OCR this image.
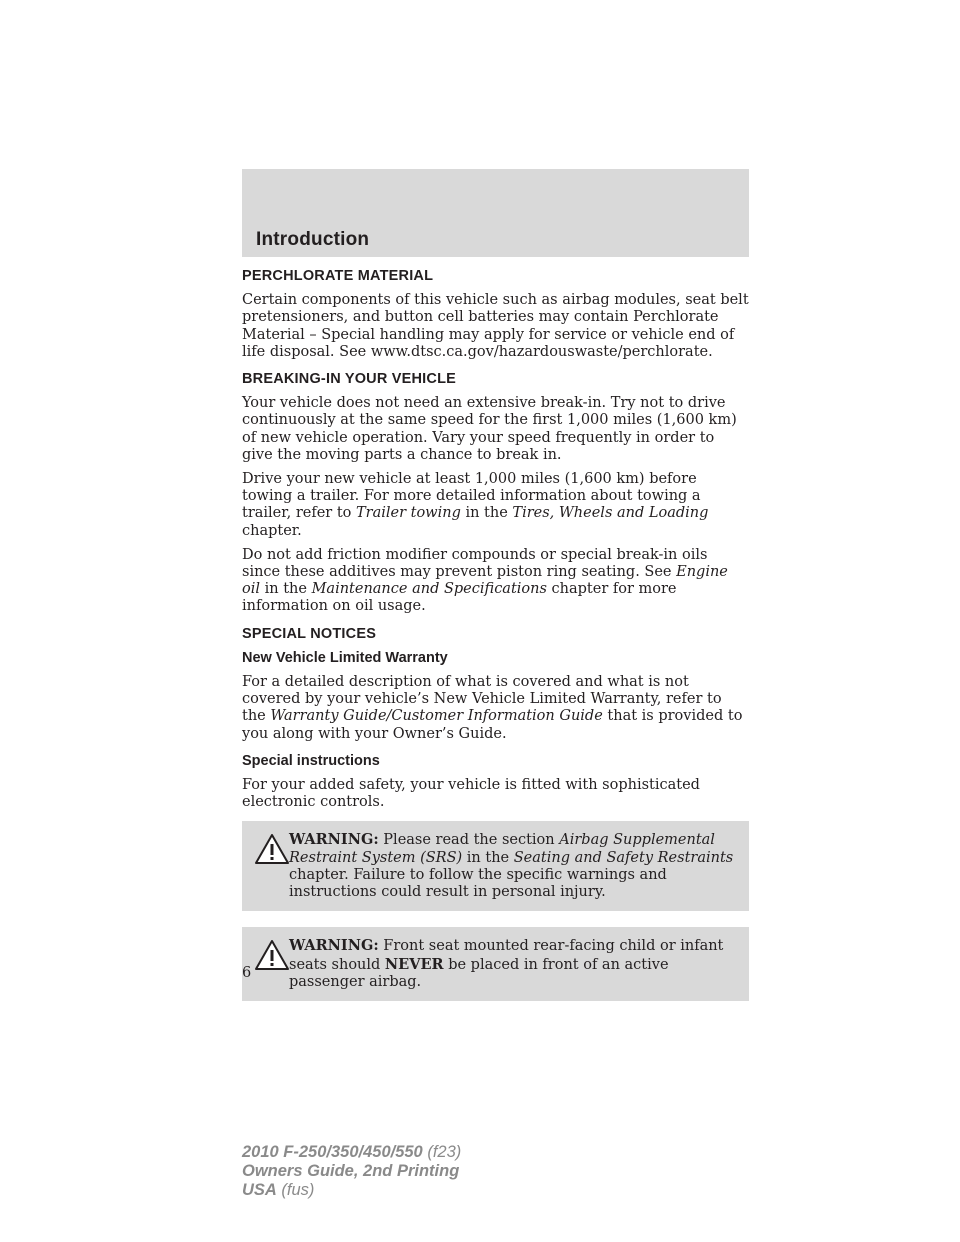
Introduction
PERCHLORATE MATERIAL

Certain components of this vehicle such as airbag modules, seat belt pretensioners, and button cell batteries may contain Perchlorate Material – Special handling may apply for service or vehicle end of life disposal. See www.dtsc.ca.gov/hazardouswaste/perchlorate.

BREAKING-IN YOUR VEHICLE

Your vehicle does not need an extensive break-in. Try not to drive continuously at the same speed for the first 1,000 miles (1,600 km) of new vehicle operation. Vary your speed frequently in order to give the moving parts a chance to break in.

Drive your new vehicle at least 1,000 miles (1,600 km) before towing a trailer. For more detailed information about towing a trailer, refer to Trailer towing in the Tires, Wheels and Loading chapter.

Do not add friction modifier compounds or special break-in oils since these additives may prevent piston ring seating. See Engine oil in the Maintenance and Specifications chapter for more information on oil usage.

SPECIAL NOTICES
New Vehicle Limited Warranty

For a detailed description of what is covered and what is not covered by your vehicle’s New Vehicle Limited Warranty, refer to the Warranty Guide/Customer Information Guide that is provided to you along with your Owner’s Guide.

Special instructions

For your added safety, your vehicle is fitted with sophisticated electronic controls.

WARNING: Please read the section Airbag Supplemental Restraint System (SRS) in the Seating and Safety Restraints chapter. Failure to follow the specific warnings and instructions could result in personal injury.
WARNING: Front seat mounted rear-facing child or infant seats should NEVER be placed in front of an active passenger airbag.
6
2010 F-250/350/450/550 (f23)
Owners Guide, 2nd Printing
USA (fus)
